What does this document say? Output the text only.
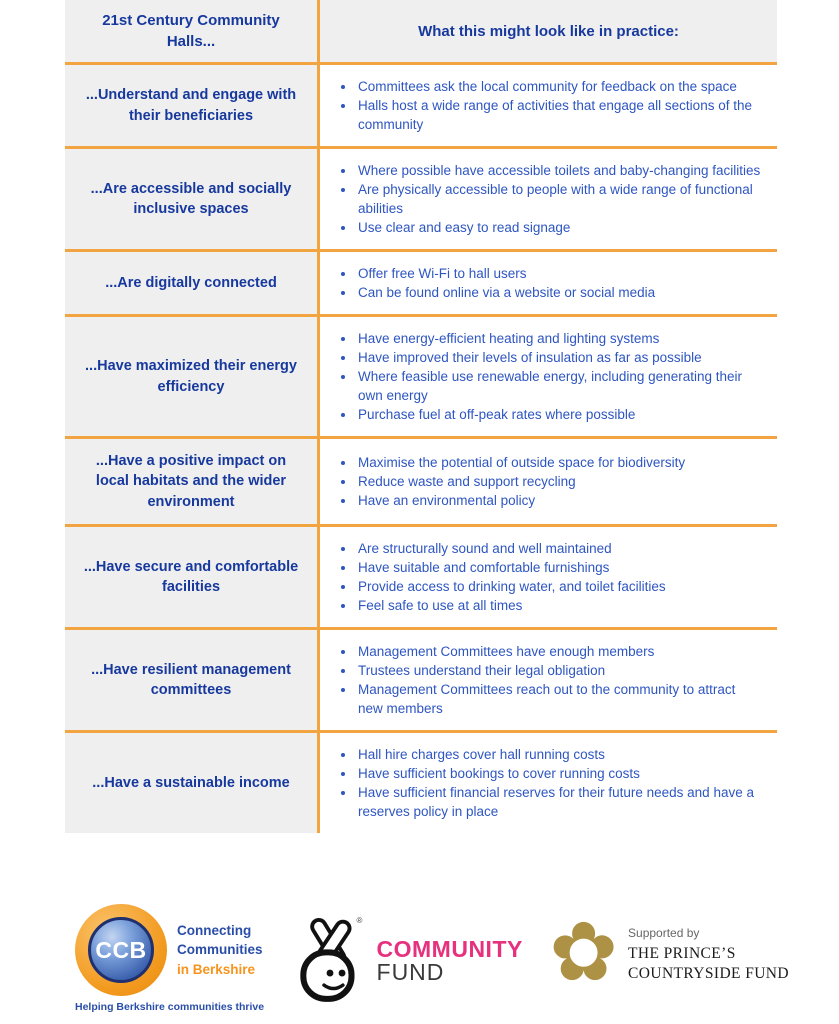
21st Century Community Halls...
What this might look like in practice:
...Understand and engage with their beneficiaries
• Committees ask the local community for feedback on the space
• Halls host a wide range of activities that engage all sections of the community
...Are accessible and socially inclusive spaces
• Where possible have accessible toilets and baby-changing facilities
• Are physically accessible to people with a wide range of functional abilities
• Use clear and easy to read signage
...Are digitally connected
• Offer free Wi-Fi to hall users
• Can be found online via a website or social media
...Have maximized their energy efficiency
• Have energy-efficient heating and lighting systems
• Have improved their levels of insulation as far as possible
• Where feasible use renewable energy, including generating their own energy
• Purchase fuel at off-peak rates where possible
...Have a positive impact on local habitats and the wider environment
• Maximise the potential of outside space for biodiversity
• Reduce waste and support recycling
• Have an environmental policy
...Have secure and comfortable facilities
• Are structurally sound and well maintained
• Have suitable and comfortable furnishings
• Provide access to drinking water, and toilet facilities
• Feel safe to use at all times
...Have resilient management committees
• Management Committees have enough members
• Trustees understand their legal obligation
• Management Committees reach out to the community to attract new members
...Have a sustainable income
• Hall hire charges cover hall running costs
• Have sufficient bookings to cover running costs
• Have sufficient financial reserves for their future needs and have a reserves policy in place
CCB
Connecting
Communities
in Berkshire
Helping Berkshire communities thrive
®
COMMUNITY
FUND	✿ Supported by
THE PRINCE’S
COUNTRYSIDE FUND
